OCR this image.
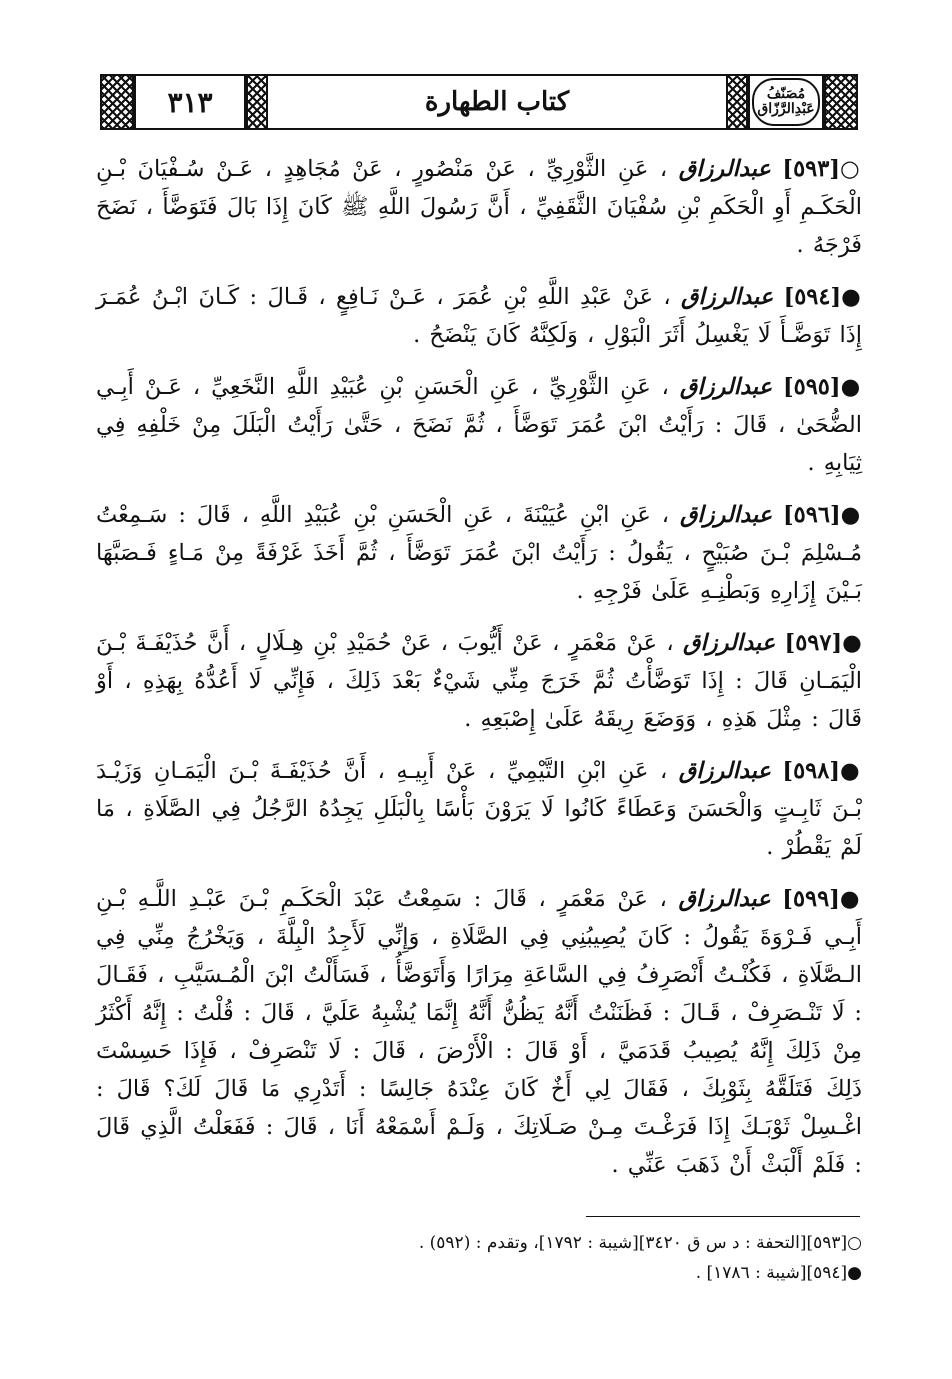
٣١٣	كتاب الطهارة	مُصَنّفُ عَبْدِالرَّزّاق

○[٥٩٣] عبدالرزاق ، عَنِ الثَّوْرِيِّ ، عَنْ مَنْصُورٍ ، عَنْ مُجَاهِدٍ ، عَـنْ سُـفْيَانَ بْـنِ الْحَكَـمِ أَوِ الْحَكَمِ بْنِ سُفْيَانَ الثَّقَفِيِّ ، أَنَّ رَسُولَ اللَّهِ ﷺ كَانَ إِذَا بَالَ فَتَوَضَّأَ ، نَضَحَ فَرْجَهُ .

●[٥٩٤] عبدالرزاق ، عَنْ عَبْدِ اللَّهِ بْنِ عُمَرَ ، عَـنْ نَـافِعٍ ، قَـالَ : كَـانَ ابْـنُ عُمَـرَ إِذَا تَوَضَّـأَ لَا يَغْسِلُ أَثَرَ الْبَوْلِ ، وَلَكِنَّهُ كَانَ يَنْضَحُ .

●[٥٩٥] عبدالرزاق ، عَنِ الثَّوْرِيِّ ، عَنِ الْحَسَنِ بْنِ عُبَيْدِ اللَّهِ النَّخَعِيِّ ، عَـنْ أَبِـي الضُّحَىٰ ، قَالَ : رَأَيْتُ ابْنَ عُمَرَ تَوَضَّأَ ، ثُمَّ نَضَحَ ، حَتَّىٰ رَأَيْتُ الْبَلَلَ مِنْ خَلْفِهِ فِي ثِيَابِهِ .

●[٥٩٦] عبدالرزاق ، عَنِ ابْنِ عُيَيْنَةَ ، عَنِ الْحَسَنِ بْنِ عُبَيْدِ اللَّهِ ، قَالَ : سَـمِعْتُ مُـسْلِمَ بْـنَ صُبَيْحٍ ، يَقُولُ : رَأَيْتُ ابْنَ عُمَرَ تَوَضَّأَ ، ثُمَّ أَخَذَ غَرْفَةً مِنْ مَـاءٍ فَـصَبَّهَا بَـيْنَ إِزَارِهِ وَبَطْنِـهِ عَلَىٰ فَرْجِهِ .

●[٥٩٧] عبدالرزاق ، عَنْ مَعْمَرٍ ، عَنْ أَيُّوبَ ، عَنْ حُمَيْدِ بْنِ هِـلَالٍ ، أَنَّ حُذَيْفَـةَ بْـنَ الْيَمَـانِ قَالَ : إِذَا تَوَضَّأْتُ ثُمَّ خَرَجَ مِنِّي شَيْءٌ بَعْدَ ذَلِكَ ، فَإِنِّي لَا أَعُدُّهُ بِهَذِهِ ، أَوْ قَالَ : مِثْلَ هَذِهِ ، وَوَضَعَ رِيقَهُ عَلَىٰ إِصْبَعِهِ .

●[٥٩٨] عبدالرزاق ، عَنِ ابْنِ التَّيْمِيِّ ، عَنْ أَبِيـهِ ، أَنَّ حُذَيْفَـةَ بْـنَ الْيَمَـانِ وَزَيْـدَ بْـنَ ثَابِـتٍ وَالْحَسَنَ وَعَطَاءً كَانُوا لَا يَرَوْنَ بَأْسًا بِالْبَلَلِ يَجِدُهُ الرَّجُلُ فِي الصَّلَاةِ ، مَا لَمْ يَقْطُرْ .

●[٥٩٩] عبدالرزاق ، عَنْ مَعْمَرٍ ، قَالَ : سَمِعْتُ عَبْدَ الْحَكَـمِ بْـنَ عَبْـدِ اللَّـهِ بْـنِ أَبِـي فَـرْوَةَ يَقُولُ : كَانَ يُصِيبُنِي فِي الصَّلَاةِ ، وَإِنِّي لَأَجِدُ الْبِلَّةَ ، وَيَخْرُجُ مِنِّي فِي الـصَّلَاةِ ، فَكُنْـتُ أَنْصَرِفُ فِي السَّاعَةِ مِرَارًا وَأَتَوَضَّأُ ، فَسَأَلْتُ ابْنَ الْمُـسَيَّبِ ، فَقَـالَ : لَا تَنْـصَرِفْ ، قَـالَ : فَظَنَنْتُ أَنَّهُ يَظُنُّ أَنَّهُ إِنَّمَا يُشْبِهُ عَلَيَّ ، قَالَ : قُلْتُ : إِنَّهُ أَكْثَرُ مِنْ ذَلِكَ إِنَّهُ يُصِيبُ قَدَمَيَّ ، أَوْ قَالَ : الْأَرْضَ ، قَالَ : لَا تَنْصَرِفْ ، فَإِذَا حَسِسْتَ ذَلِكَ فَتَلَقَّهُ بِثَوْبِكَ ، فَقَالَ لِي أَخٌ كَانَ عِنْدَهُ جَالِسًا : أَتَدْرِي مَا قَالَ لَكَ؟ قَالَ : اغْـسِلْ ثَوْبَـكَ إِذَا فَرَغْـتَ مِـنْ صَـلَاتِكَ ، وَلَـمْ أَسْمَعْهُ أَنَا ، قَالَ : فَفَعَلْتُ الَّذِي قَالَ : فَلَمْ أَلْبَثْ أَنْ ذَهَبَ عَنِّي .

○[٥٩٣][التحفة : د س ق ٣٤٢٠][شيبة : ١٧٩٢]، وتقدم : (٥٩٢) .

●[٥٩٤][شيبة : ١٧٨٦] .
